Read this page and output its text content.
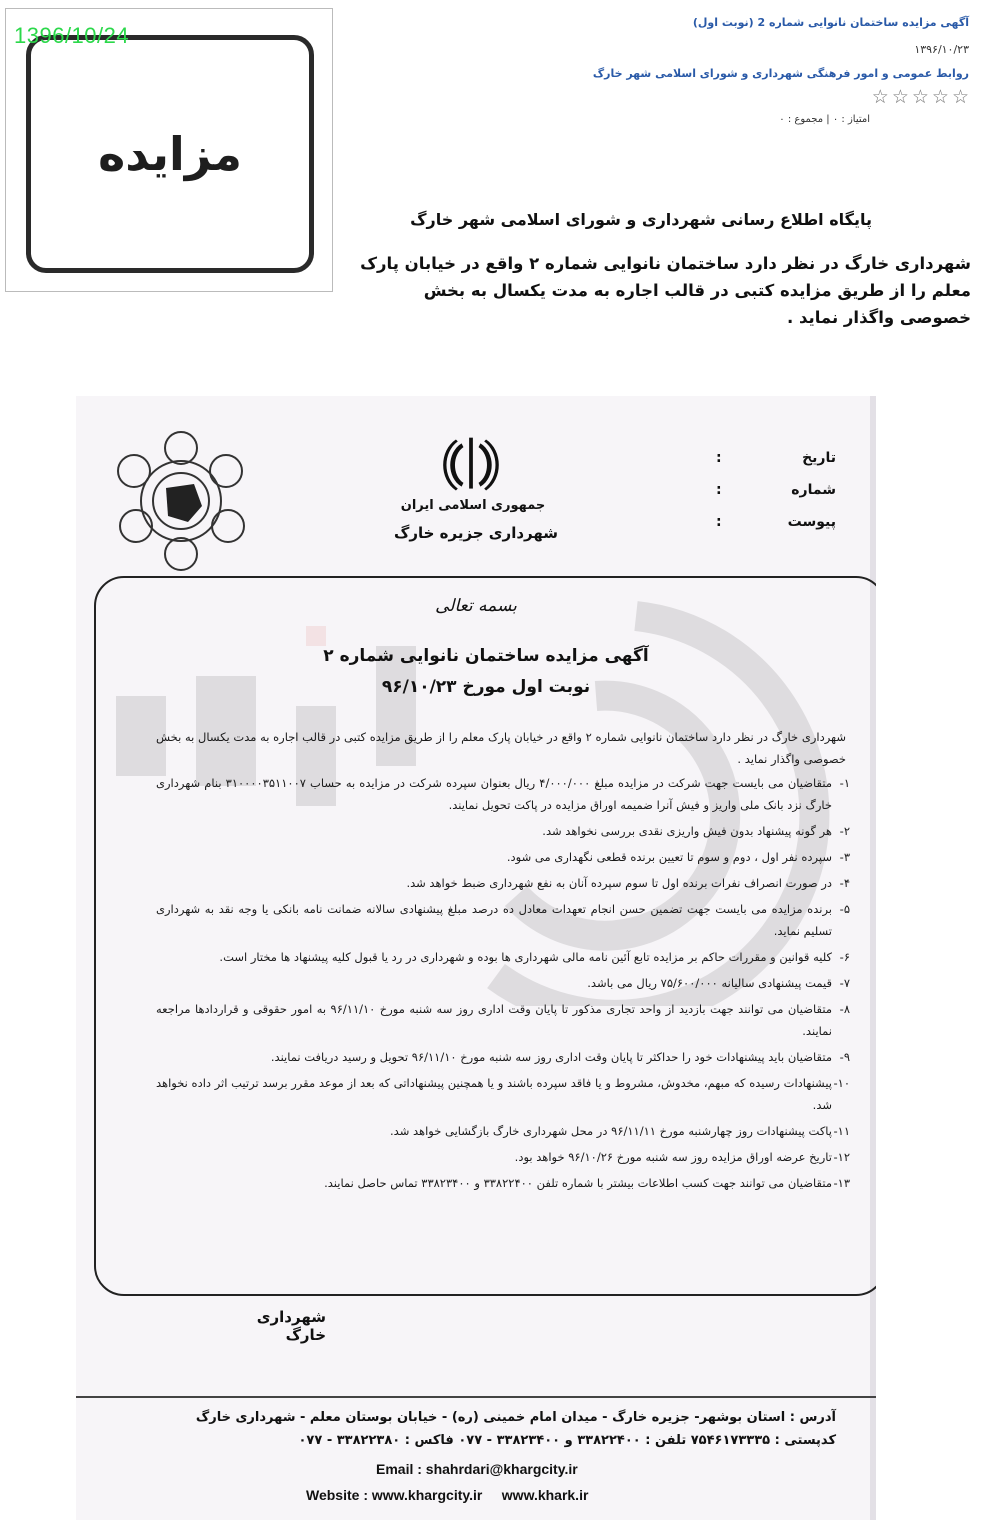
مزایده
1396/10/24
آگهی مزایده ساختمان نانوایی شماره 2 (نوبت اول)
۱۳۹۶/۱۰/۲۳
روابط عمومی و امور فرهنگی شهرداری و شورای اسلامی شهر خارگ
☆ ☆ ☆ ☆ ☆
امتیاز : ۰ | مجموع : ۰
پایگاه اطلاع رسانی شهرداری و شورای اسلامی شهر خارگ
شهرداری خارگ در نظر دارد ساختمان نانوایی شماره ۲ واقع در خیابان پارک معلم را از طریق مزایده کتبی در قالب اجاره به مدت یکسال به بخش خصوصی واگذار نماید .
تاریخ
:
شماره
:
پیوست
:
جمهوری اسلامی ایران
شهرداری جزیره خارگ
بسمه تعالی
آگهی مزایده ساختمان نانوایی شماره ۲
نوبت اول مورخ ۹۶/۱۰/۲۳

شهرداری خارگ در نظر دارد ساختمان نانوایی شماره ۲ واقع در خیابان پارک معلم را از طریق مزایده کتبی در قالب اجاره به مدت یکسال به بخش خصوصی واگذار نماید .

۱-
متقاضیان می بایست جهت شرکت در مزایده مبلغ ۴/۰۰۰/۰۰۰ ریال بعنوان سپرده شرکت در مزایده به حساب ۳۱۰۰۰۰۳۵۱۱۰۰۷ بنام شهرداری خارگ نزد بانک ملی واریز و فیش آنرا ضمیمه اوراق مزایده در پاکت تحویل نمایند.
۲-
هر گونه پیشنهاد بدون فیش واریزی نقدی بررسی نخواهد شد.
۳-
سپرده نفر اول ، دوم و سوم تا تعیین برنده قطعی نگهداری می شود.
۴-
در صورت انصراف نفرات برنده اول تا سوم سپرده آنان به نفع شهرداری ضبط خواهد شد.
۵-
برنده مزایده می بایست جهت تضمین حسن انجام تعهدات معادل ده درصد مبلغ پیشنهادی سالانه ضمانت نامه بانکی یا وجه نقد به شهرداری تسلیم نماید.
۶-
کلیه قوانین و مقررات حاکم بر مزایده تابع آئین نامه مالی شهرداری ها بوده و شهرداری در رد یا قبول کلیه پیشنهاد ها مختار است.
۷-
قیمت پیشنهادی سالیانه ۷۵/۶۰۰/۰۰۰ ریال می باشد.
۸-
متقاضیان می توانند جهت بازدید از واحد تجاری مذکور تا پایان وقت اداری روز سه شنبه مورخ ۹۶/۱۱/۱۰ به امور حقوقی و قراردادها مراجعه نمایند.
۹-
متقاضیان باید پیشنهادات خود را حداکثر تا پایان وقت اداری روز سه شنبه مورخ ۹۶/۱۱/۱۰ تحویل و رسید دریافت نمایند.
۱۰-
پیشنهادات رسیده که مبهم، مخدوش، مشروط و یا فاقد سپرده باشند و یا همچنین پیشنهاداتی که بعد از موعد مقرر برسد ترتیب اثر داده نخواهد شد.
۱۱-
پاکت پیشنهادات روز چهارشنبه مورخ ۹۶/۱۱/۱۱ در محل شهرداری خارگ بازگشایی خواهد شد.
۱۲-
تاریخ عرضه اوراق مزایده روز سه شنبه مورخ ۹۶/۱۰/۲۶ خواهد بود.
۱۳-
متقاضیان می توانند جهت کسب اطلاعات بیشتر با شماره تلفن ۳۳۸۲۲۴۰۰ و ۳۳۸۲۳۴۰۰ تماس حاصل نمایند.
شهرداری خارگ
آدرس : استان بوشهر- جزیره خارگ - میدان امام خمینی (ره) - خیابان بوستان معلم - شهرداری خارگ
کدپستی : ۷۵۴۶۱۷۳۳۳۵ تلفن : ۳۳۸۲۲۴۰۰ و ۳۳۸۲۳۴۰۰ - ۰۷۷ فاکس : ۳۳۸۲۲۳۸۰ - ۰۷۷
Email : shahrdari@khargcity.ir
Website : www.khargcity.ir     www.khark.ir
